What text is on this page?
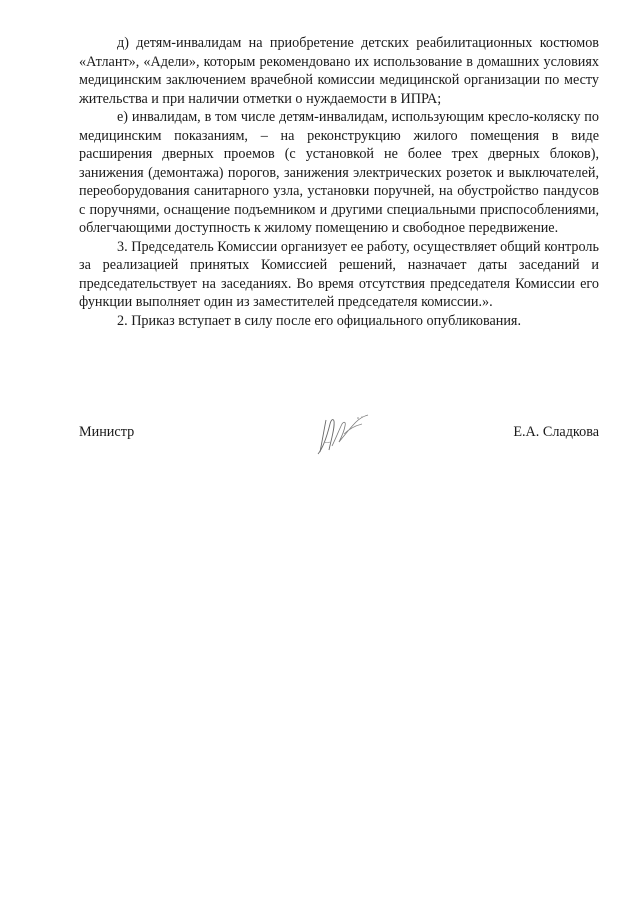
д) детям-инвалидам на приобретение детских реабилитационных костюмов «Атлант», «Адели», которым рекомендовано их использование в домашних условиях медицинским заключением врачебной комиссии медицинской организации по месту жительства и при наличии отметки о нуждаемости в ИПРА;

е) инвалидам, в том числе детям-инвалидам, использующим кресло-коляску по медицинским показаниям, – на реконструкцию жилого помещения в виде расширения дверных проемов (с установкой не более трех дверных блоков), занижения (демонтажа) порогов, занижения электрических розеток и выключателей, переоборудования санитарного узла, установки поручней, на обустройство пандусов с поручнями, оснащение подъемником и другими специальными приспособлениями, облегчающими доступность к жилому помещению и свободное передвижение.

3. Председатель Комиссии организует ее работу, осуществляет общий контроль за реализацией принятых Комиссией решений, назначает даты заседаний и председательствует на заседаниях. Во время отсутствия председателя Комиссии его функции выполняет один из заместителей председателя комиссии.».

2. Приказ вступает в силу после его официального опубликования.

Министр	Е.А. Сладкова
